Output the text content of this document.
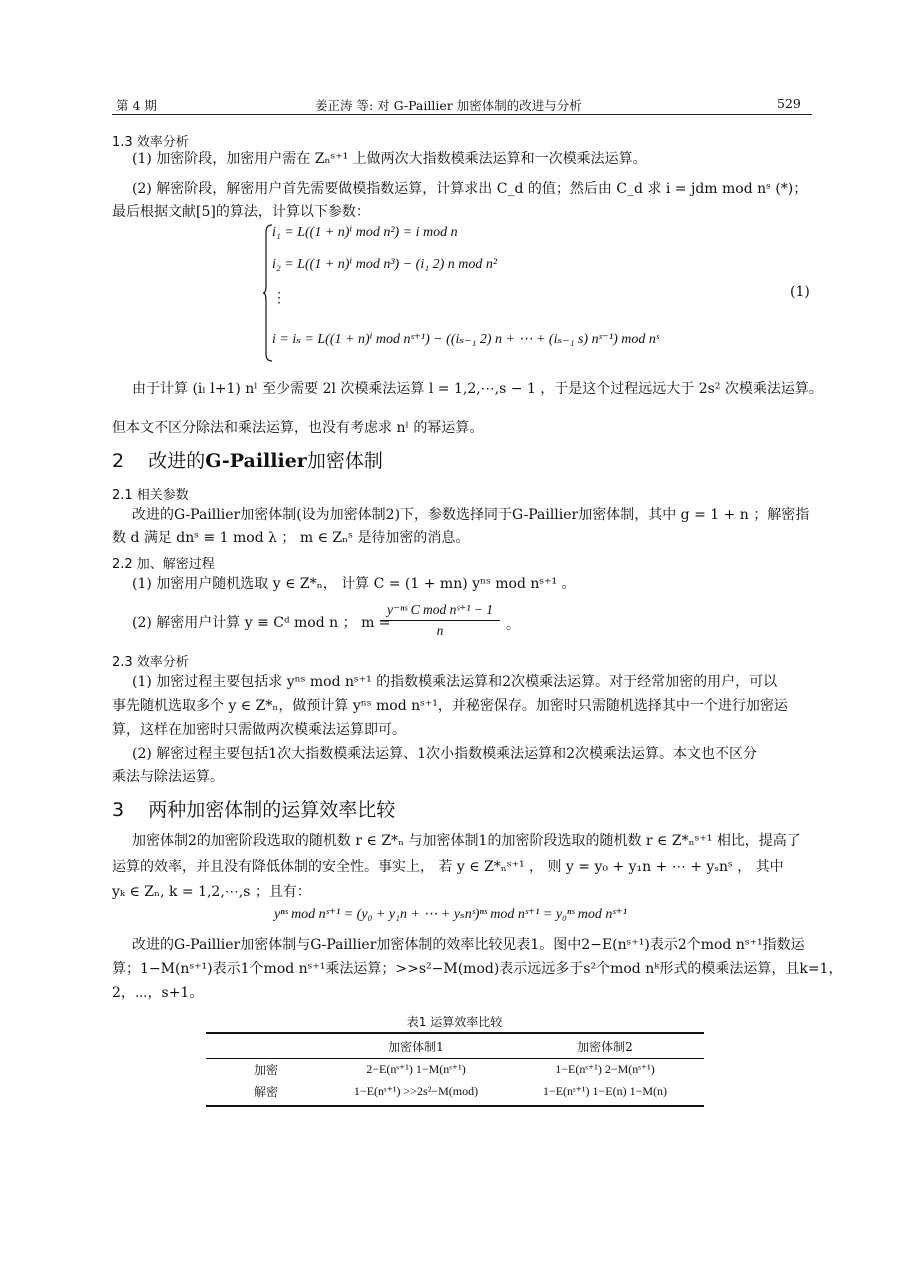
第 4 期	姜正涛 等: 对 G-Paillier 加密体制的改进与分析	529
1.3 效率分析
(1) 加密阶段，加密用户需在 Zₙˢ⁺¹ 上做两次大指数模乘法运算和一次模乘法运算。
(2) 解密阶段，解密用户首先需要做模指数运算，计算求出 C_d 的值；然后由 C_d 求 i = jdm mod nˢ (*)；
最后根据文献[5]的算法，计算以下参数：
i₁ = L((1 + n)ⁱ mod n²) = i mod n
i₂ = L((1 + n)ⁱ mod n³) − (i₁ 2) n mod n²
⋮
i = iₛ = L((1 + n)ⁱ mod nˢ⁺¹) − ((iₛ₋₁ 2) n + ⋯ + (iₛ₋₁ s) nˢ⁻¹) mod nˢ
(1)
由于计算 (iₗ l+1) nˡ 至少需要 2l 次模乘法运算 l = 1,2,⋯,s − 1 ，于是这个过程远远大于 2s² 次模乘法运算。
但本文不区分除法和乘法运算，也没有考虑求 nˡ 的幂运算。
2 改进的G-Paillier加密体制
2.1 相关参数
改进的G-Paillier加密体制(设为加密体制2)下，参数选择同于G-Paillier加密体制，其中 g = 1 + n ；解密指
数 d 满足 dnˢ ≡ 1 mod λ ； m ∈ Zₙˢ 是待加密的消息。
2.2 加、解密过程
(1) 加密用户随机选取 y ∈ Z*ₙ， 计算 C = (1 + mn) yⁿˢ mod nˢ⁺¹ 。
(2) 解密用户计算 y ≡ Cᵈ mod n ； m =
y⁻ⁿˢ C mod nˢ⁺¹ − 1
n	。
2.3 效率分析
(1) 加密过程主要包括求 yⁿˢ mod nˢ⁺¹ 的指数模乘法运算和2次模乘法运算。对于经常加密的用户，可以
事先随机选取多个 y ∈ Z*ₙ，做预计算 yⁿˢ mod nˢ⁺¹，并秘密保存。加密时只需随机选择其中一个进行加密运
算，这样在加密时只需做两次模乘法运算即可。
(2) 解密过程主要包括1次大指数模乘法运算、1次小指数模乘法运算和2次模乘法运算。本文也不区分
乘法与除法运算。
3 两种加密体制的运算效率比较
加密体制2的加密阶段选取的随机数 r ∈ Z*ₙ 与加密体制1的加密阶段选取的随机数 r ∈ Z*ₙˢ⁺¹ 相比，提高了
运算的效率，并且没有降低体制的安全性。事实上， 若 y ∈ Z*ₙˢ⁺¹ ， 则 y = y₀ + y₁n + ⋯ + yₛnˢ ， 其中
yₖ ∈ Zₙ, k = 1,2,⋯,s ；且有：
yⁿˢ mod nˢ⁺¹ = (y₀ + y₁n + ⋯ + yₛnˢ)ⁿˢ mod nˢ⁺¹ = y₀ⁿˢ mod nˢ⁺¹
改进的G-Paillier加密体制与G-Paillier加密体制的效率比较见表1。图中2−E(nˢ⁺¹)表示2个mod nˢ⁺¹指数运
算；1−M(nˢ⁺¹)表示1个mod nˢ⁺¹乘法运算；>>s²−M(mod)表示远远多于s²个mod nᵏ形式的模乘法运算，且k=1，
2，⋯，s+1。
表1 运算效率比较
	加密体制1	加密体制2
加密	2−E(nˢ⁺¹) 1−M(nˢ⁺¹)	1−E(nˢ⁺¹) 2−M(nˢ⁺¹)
解密	1−E(nˢ⁺¹) >>2s²−M(mod)	1−E(nˢ⁺¹) 1−E(n) 1−M(n)
